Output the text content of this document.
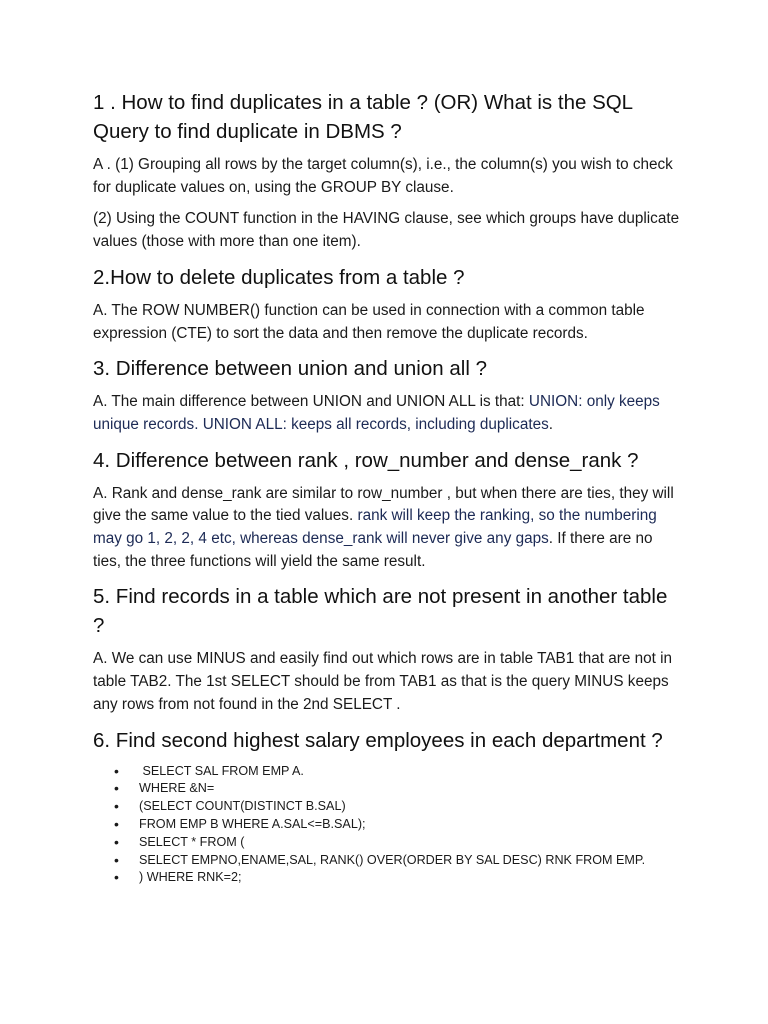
1 . How to find duplicates in a table ? (OR) What is the SQL Query to find duplicate in DBMS ?

A . (1) Grouping all rows by the target column(s), i.e., the column(s) you wish to check for duplicate values on, using the GROUP BY clause.

(2) Using the COUNT function in the HAVING clause, see which groups have duplicate values (those with more than one item).

2.How to delete duplicates from a table ?

A. The ROW NUMBER() function can be used in connection with a common table expression (CTE) to sort the data and then remove the duplicate records.

3. Difference between union and union all ?

A. The main difference between UNION and UNION ALL is that: UNION: only keeps unique records. UNION ALL: keeps all records, including duplicates.

4. Difference between rank , row_number and dense_rank ?

A. Rank and dense_rank are similar to row_number , but when there are ties, they will give the same value to the tied values. rank will keep the ranking, so the numbering may go 1, 2, 2, 4 etc, whereas dense_rank will never give any gaps. If there are no ties, the three functions will yield the same result.

5. Find records in a table which are not present in another table ?

A. We can use MINUS and easily find out which rows are in table TAB1 that are not in table TAB2. The 1st SELECT should be from TAB1 as that is the query MINUS keeps any rows from not found in the 2nd SELECT .

6. Find second highest salary employees in each department ?
•  SELECT SAL FROM EMP A.
• WHERE &N=
• (SELECT COUNT(DISTINCT B.SAL)
• FROM EMP B WHERE A.SAL<=B.SAL);
• SELECT * FROM (
• SELECT EMPNO,ENAME,SAL, RANK() OVER(ORDER BY SAL DESC) RNK FROM EMP.
• ) WHERE RNK=2;
